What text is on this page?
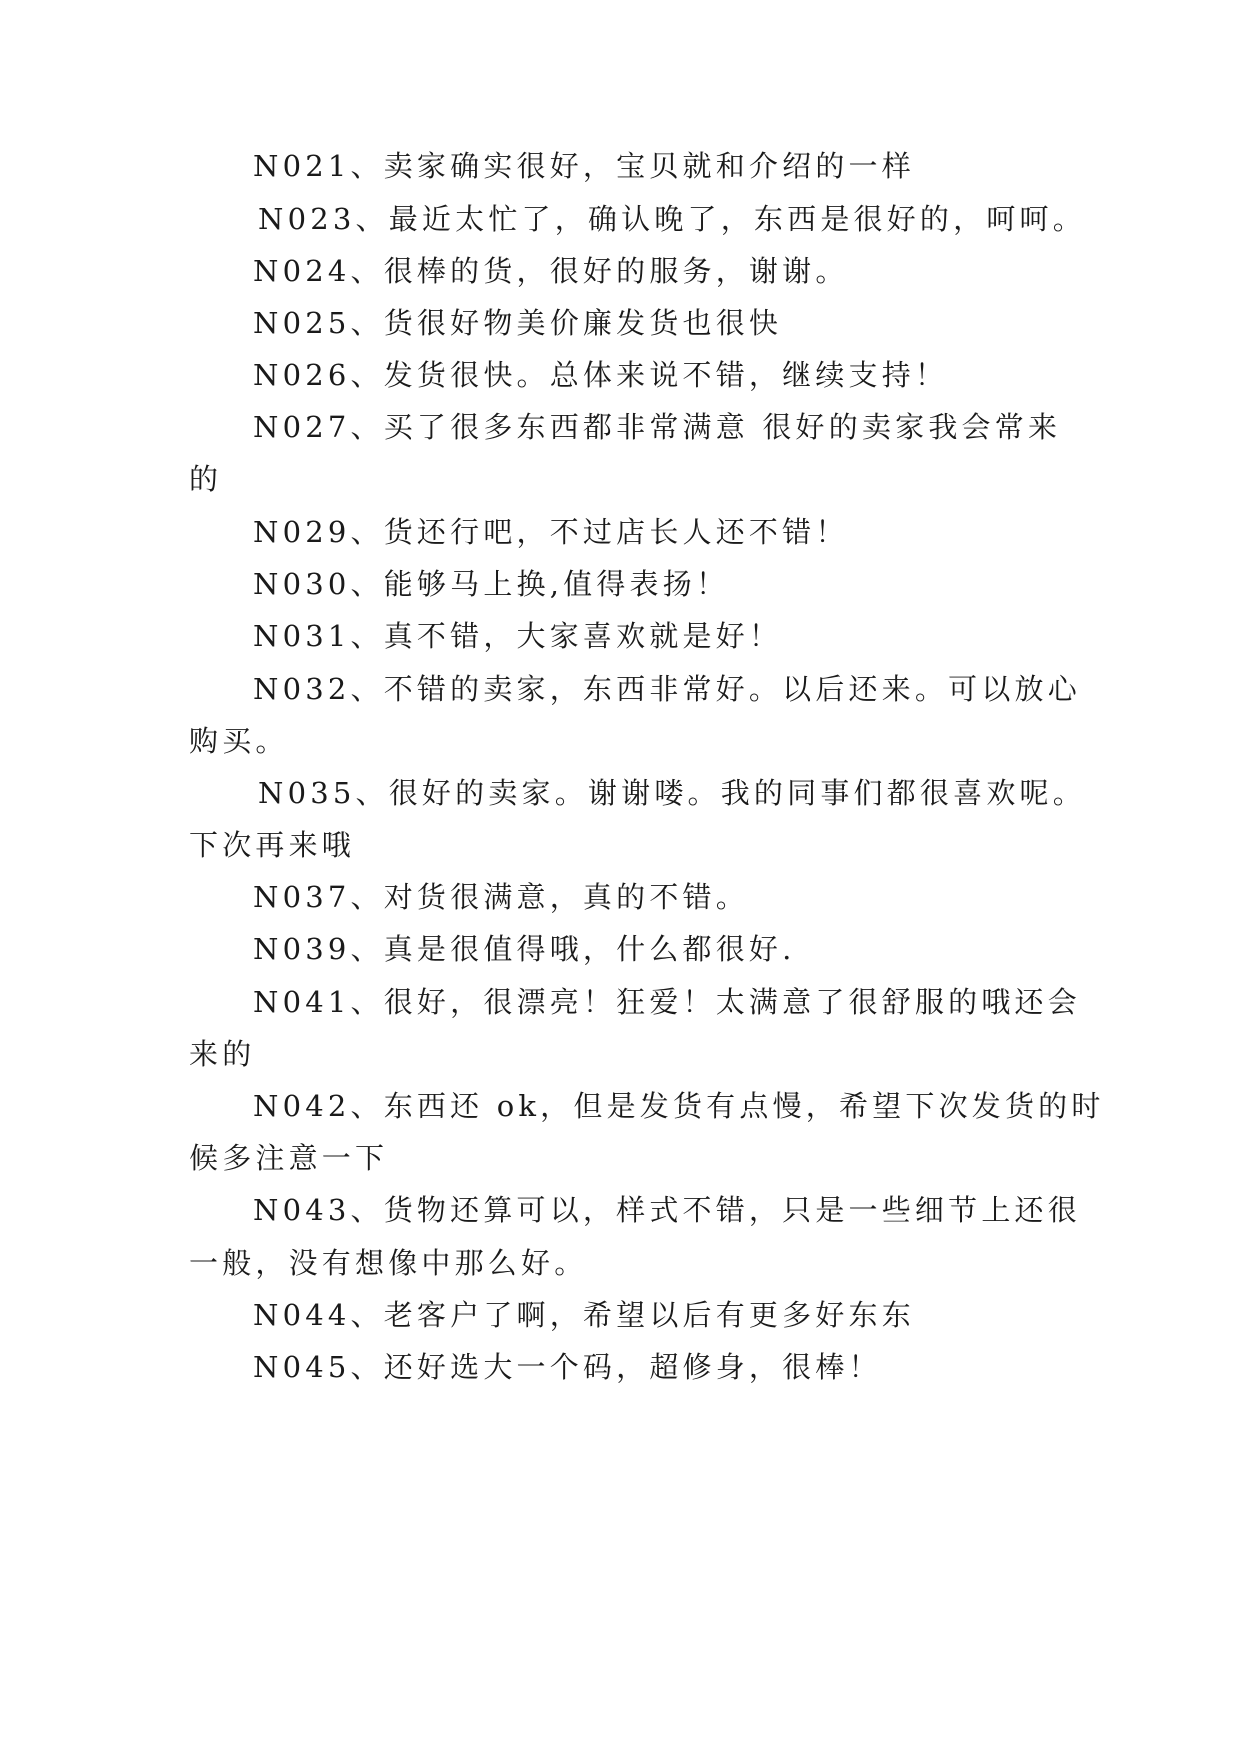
N021、卖家确实很好，宝贝就和介绍的一样
N023、最近太忙了，确认晚了，东西是很好的，呵呵。
N024、很棒的货，很好的服务，谢谢。
N025、货很好物美价廉发货也很快
N026、发货很快。总体来说不错，继续支持！
N027、买了很多东西都非常满意 很好的卖家我会常来
的
N029、货还行吧，不过店长人还不错！
N030、能够马上换,值得表扬！
N031、真不错，大家喜欢就是好！
N032、不错的卖家，东西非常好。以后还来。可以放心
购买。
N035、很好的卖家。谢谢喽。我的同事们都很喜欢呢。
下次再来哦
N037、对货很满意，真的不错。
N039、真是很值得哦，什么都很好.
N041、很好，很漂亮！狂爱！太满意了很舒服的哦还会
来的
N042、东西还 ok，但是发货有点慢，希望下次发货的时
候多注意一下
N043、货物还算可以，样式不错，只是一些细节上还很
一般，没有想像中那么好。
N044、老客户了啊，希望以后有更多好东东
N045、还好选大一个码，超修身，很棒！
